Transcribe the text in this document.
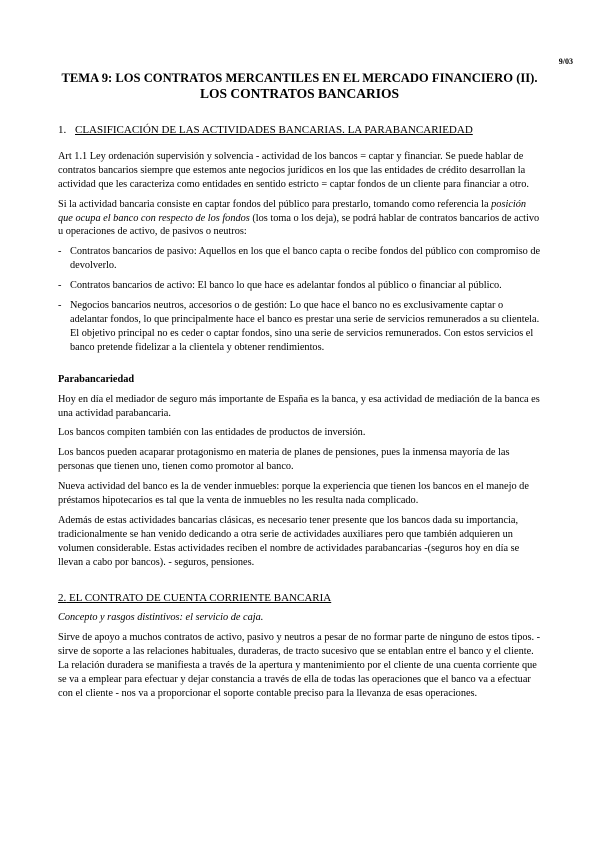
9/03
TEMA 9: LOS CONTRATOS MERCANTILES EN EL MERCADO FINANCIERO (II).
LOS CONTRATOS BANCARIOS
1. CLASIFICACIÓN DE LAS ACTIVIDADES BANCARIAS. LA PARABANCARIEDAD

Art 1.1 Ley ordenación supervisión y solvencia - actividad de los bancos = captar y financiar. Se puede hablar de contratos bancarios siempre que estemos ante negocios jurídicos en los que las entidades de crédito desarrollan la actividad que les caracteriza como entidades en sentido estricto = captar fondos de un cliente para financiar a otro.

Si la actividad bancaria consiste en captar fondos del público para prestarlo, tomando como referencia la posición que ocupa el banco con respecto de los fondos (los toma o los deja), se podrá hablar de contratos bancarios de activo u operaciones de activo, de pasivos o neutros:

- Contratos bancarios de pasivo: Aquellos en los que el banco capta o recibe fondos del público con compromiso de devolverlo.
- Contratos bancarios de activo: El banco lo que hace es adelantar fondos al público o financiar al público.
- Negocios bancarios neutros, accesorios o de gestión: Lo que hace el banco no es exclusivamente captar o adelantar fondos, lo que principalmente hace el banco es prestar una serie de servicios remunerados a su clientela. El objetivo principal no es ceder o captar fondos, sino una serie de servicios remunerados. Con estos servicios el banco pretende fidelizar a la clientela y obtener rendimientos.
Parabancariedad

Hoy en día el mediador de seguro más importante de España es la banca, y esa actividad de mediación de la banca es una actividad parabancaria.

Los bancos compiten también con las entidades de productos de inversión.

Los bancos pueden acaparar protagonismo en materia de planes de pensiones, pues la inmensa mayoría de las personas que tienen uno, tienen como promotor al banco.

Nueva actividad del banco es la de vender inmuebles: porque la experiencia que tienen los bancos en el manejo de préstamos hipotecarios es tal que la venta de inmuebles no les resulta nada complicado.

Además de estas actividades bancarias clásicas, es necesario tener presente que los bancos dada su importancia, tradicionalmente se han venido dedicando a otra serie de actividades auxiliares pero que también adquieren un volumen considerable. Estas actividades reciben el nombre de actividades parabancarias -(seguros hoy en día se llevan a cabo por bancos). - seguros, pensiones.

2. EL CONTRATO DE CUENTA CORRIENTE BANCARIA

Concepto y rasgos distintivos: el servicio de caja.

Sirve de apoyo a muchos contratos de activo, pasivo y neutros a pesar de no formar parte de ninguno de estos tipos. - sirve de soporte a las relaciones habituales, duraderas, de tracto sucesivo que se entablan entre el banco y el cliente. La relación duradera se manifiesta a través de la apertura y mantenimiento por el cliente de una cuenta corriente que se va a emplear para efectuar y dejar constancia a través de ella de todas las operaciones que el banco va a efectuar con el cliente - nos va a proporcionar el soporte contable preciso para la llevanza de esas operaciones.
